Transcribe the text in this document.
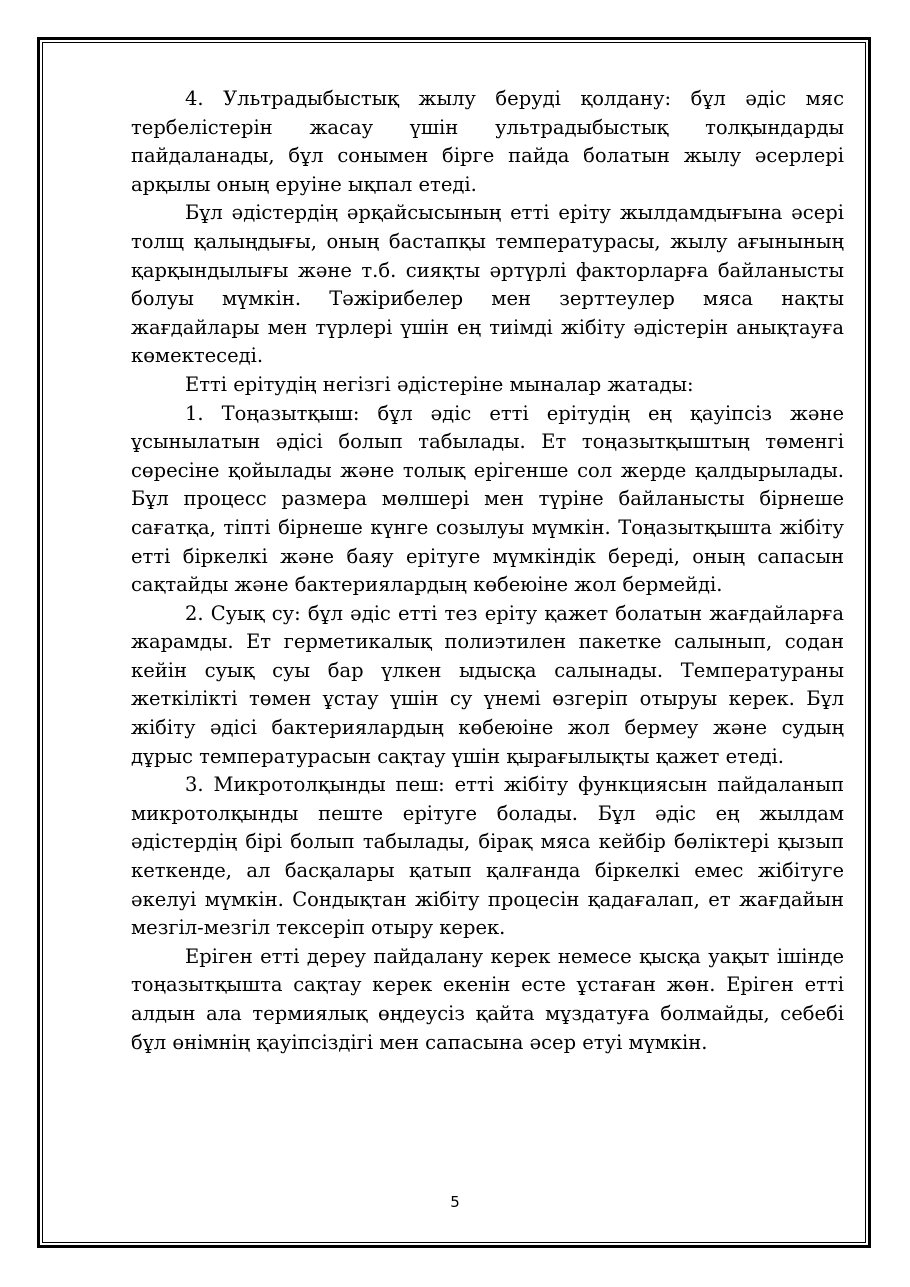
4. Ультрадыбыстық жылу беруді қолдану: бұл әдіс мяс тербелістерін жасау үшін ультрадыбыстық толқындарды пайдаланады, бұл сонымен бірге пайда болатын жылу әсерлері арқылы оның еруіне ықпал етеді.

Бұл әдістердің әрқайсысының етті еріту жылдамдығына әсері толщ қалыңдығы, оның бастапқы температурасы, жылу ағынының қарқындылығы және т.б. сияқты әртүрлі факторларға байланысты болуы мүмкін. Тәжірибелер мен зерттеулер мяса нақты жағдайлары мен түрлері үшін ең тиімді жібіту әдістерін анықтауға көмектеседі.

Етті ерітудің негізгі әдістеріне мыналар жатады:

1. Тоңазытқыш: бұл әдіс етті ерітудің ең қауіпсіз және ұсынылатын әдісі болып табылады. Ет тоңазытқыштың төменгі сөресіне қойылады және толық ерігенше сол жерде қалдырылады. Бұл процесс размера мөлшері мен түріне байланысты бірнеше сағатқа, тіпті бірнеше күнге созылуы мүмкін. Тоңазытқышта жібіту етті біркелкі және баяу ерітуге мүмкіндік береді, оның сапасын сақтайды және бактериялардың көбеюіне жол бермейді.

2. Суық су: бұл әдіс етті тез еріту қажет болатын жағдайларға жарамды. Ет герметикалық полиэтилен пакетке салынып, содан кейін суық суы бар үлкен ыдысқа салынады. Температураны жеткілікті төмен ұстау үшін су үнемі өзгеріп отыруы керек. Бұл жібіту әдісі бактериялардың көбеюіне жол бермеу және судың дұрыс температурасын сақтау үшін қырағылықты қажет етеді.

3. Микротолқынды пеш: етті жібіту функциясын пайдаланып микротолқынды пеште ерітуге болады. Бұл әдіс ең жылдам әдістердің бірі болып табылады, бірақ мяса кейбір бөліктері қызып кеткенде, ал басқалары қатып қалғанда біркелкі емес жібітуге әкелуі мүмкін. Сондықтан жібіту процесін қадағалап, ет жағдайын мезгіл-мезгіл тексеріп отыру керек.

Еріген етті дереу пайдалану керек немесе қысқа уақыт ішінде тоңазытқышта сақтау керек екенін есте ұстаған жөн. Еріген етті алдын ала термиялық өңдеусіз қайта мұздатуға болмайды, себебі бұл өнімнің қауіпсіздігі мен сапасына әсер етуі мүмкін.

5
